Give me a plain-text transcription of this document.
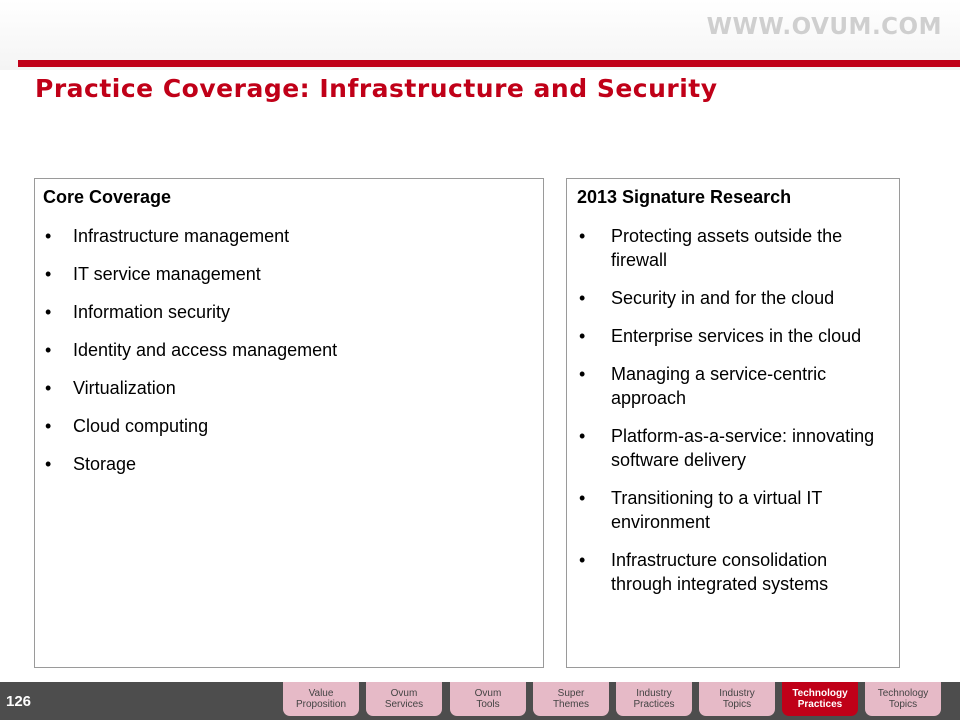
WWW.OVUM.COM
Practice Coverage: Infrastructure and Security
Core Coverage
• Infrastructure management
• IT service management
• Information security
• Identity and access management
• Virtualization
• Cloud computing
• Storage
2013 Signature Research
• Protecting assets outside the firewall
• Security in and for the cloud
• Enterprise services in the cloud
• Managing a service-centric approach
• Platform-as-a-service: innovating software delivery
• Transitioning to a virtual IT environment
• Infrastructure consolidation through integrated systems
126	Value
Proposition
Ovum
Services
Ovum
Tools
Super
Themes
Industry
Practices
Industry
Topics
Technology
Practices
Technology
Topics
